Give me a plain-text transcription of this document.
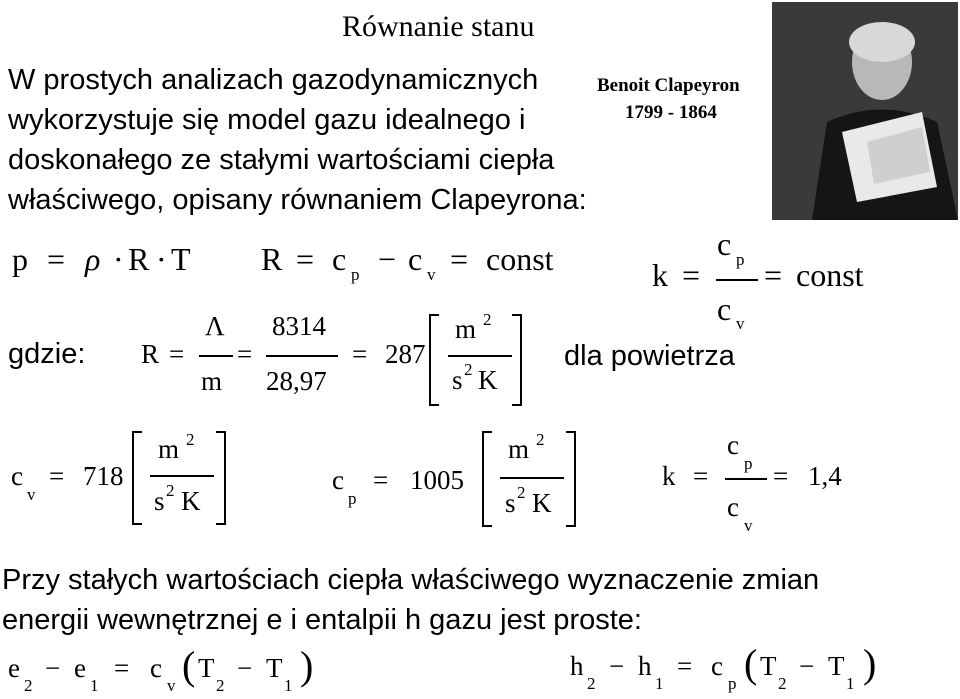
Równanie stanu
W prostych analizach gazodynamicznych
wykorzystuje się model gazu idealnego i
doskonałego ze stałymi wartościami ciepła
właściwego, opisany równaniem Clapeyrona:
Benoit Clapeyron
1799 - 1864
p = ρ · R · T R = c p − c v = const	k =
c p
c v
= const
gdzie: R =
Λ
m
=
8314
28,97
= 287
m 2
s 2 K
dla powietrza
c
v
= 718
m 2
s 2 K
c
p
= 1005
m 2
s 2 K
k =
c
p
c
v
= 1,4
Przy stałych wartościach ciepła właściwego wyznaczenie zmian
energii wewnętrznej e i entalpii h gazu jest proste:
e
2
− e
1
= c
v ( T
2
− T
1 )	h
2
− h
1
= c
p ( T
2
− T
1 )
